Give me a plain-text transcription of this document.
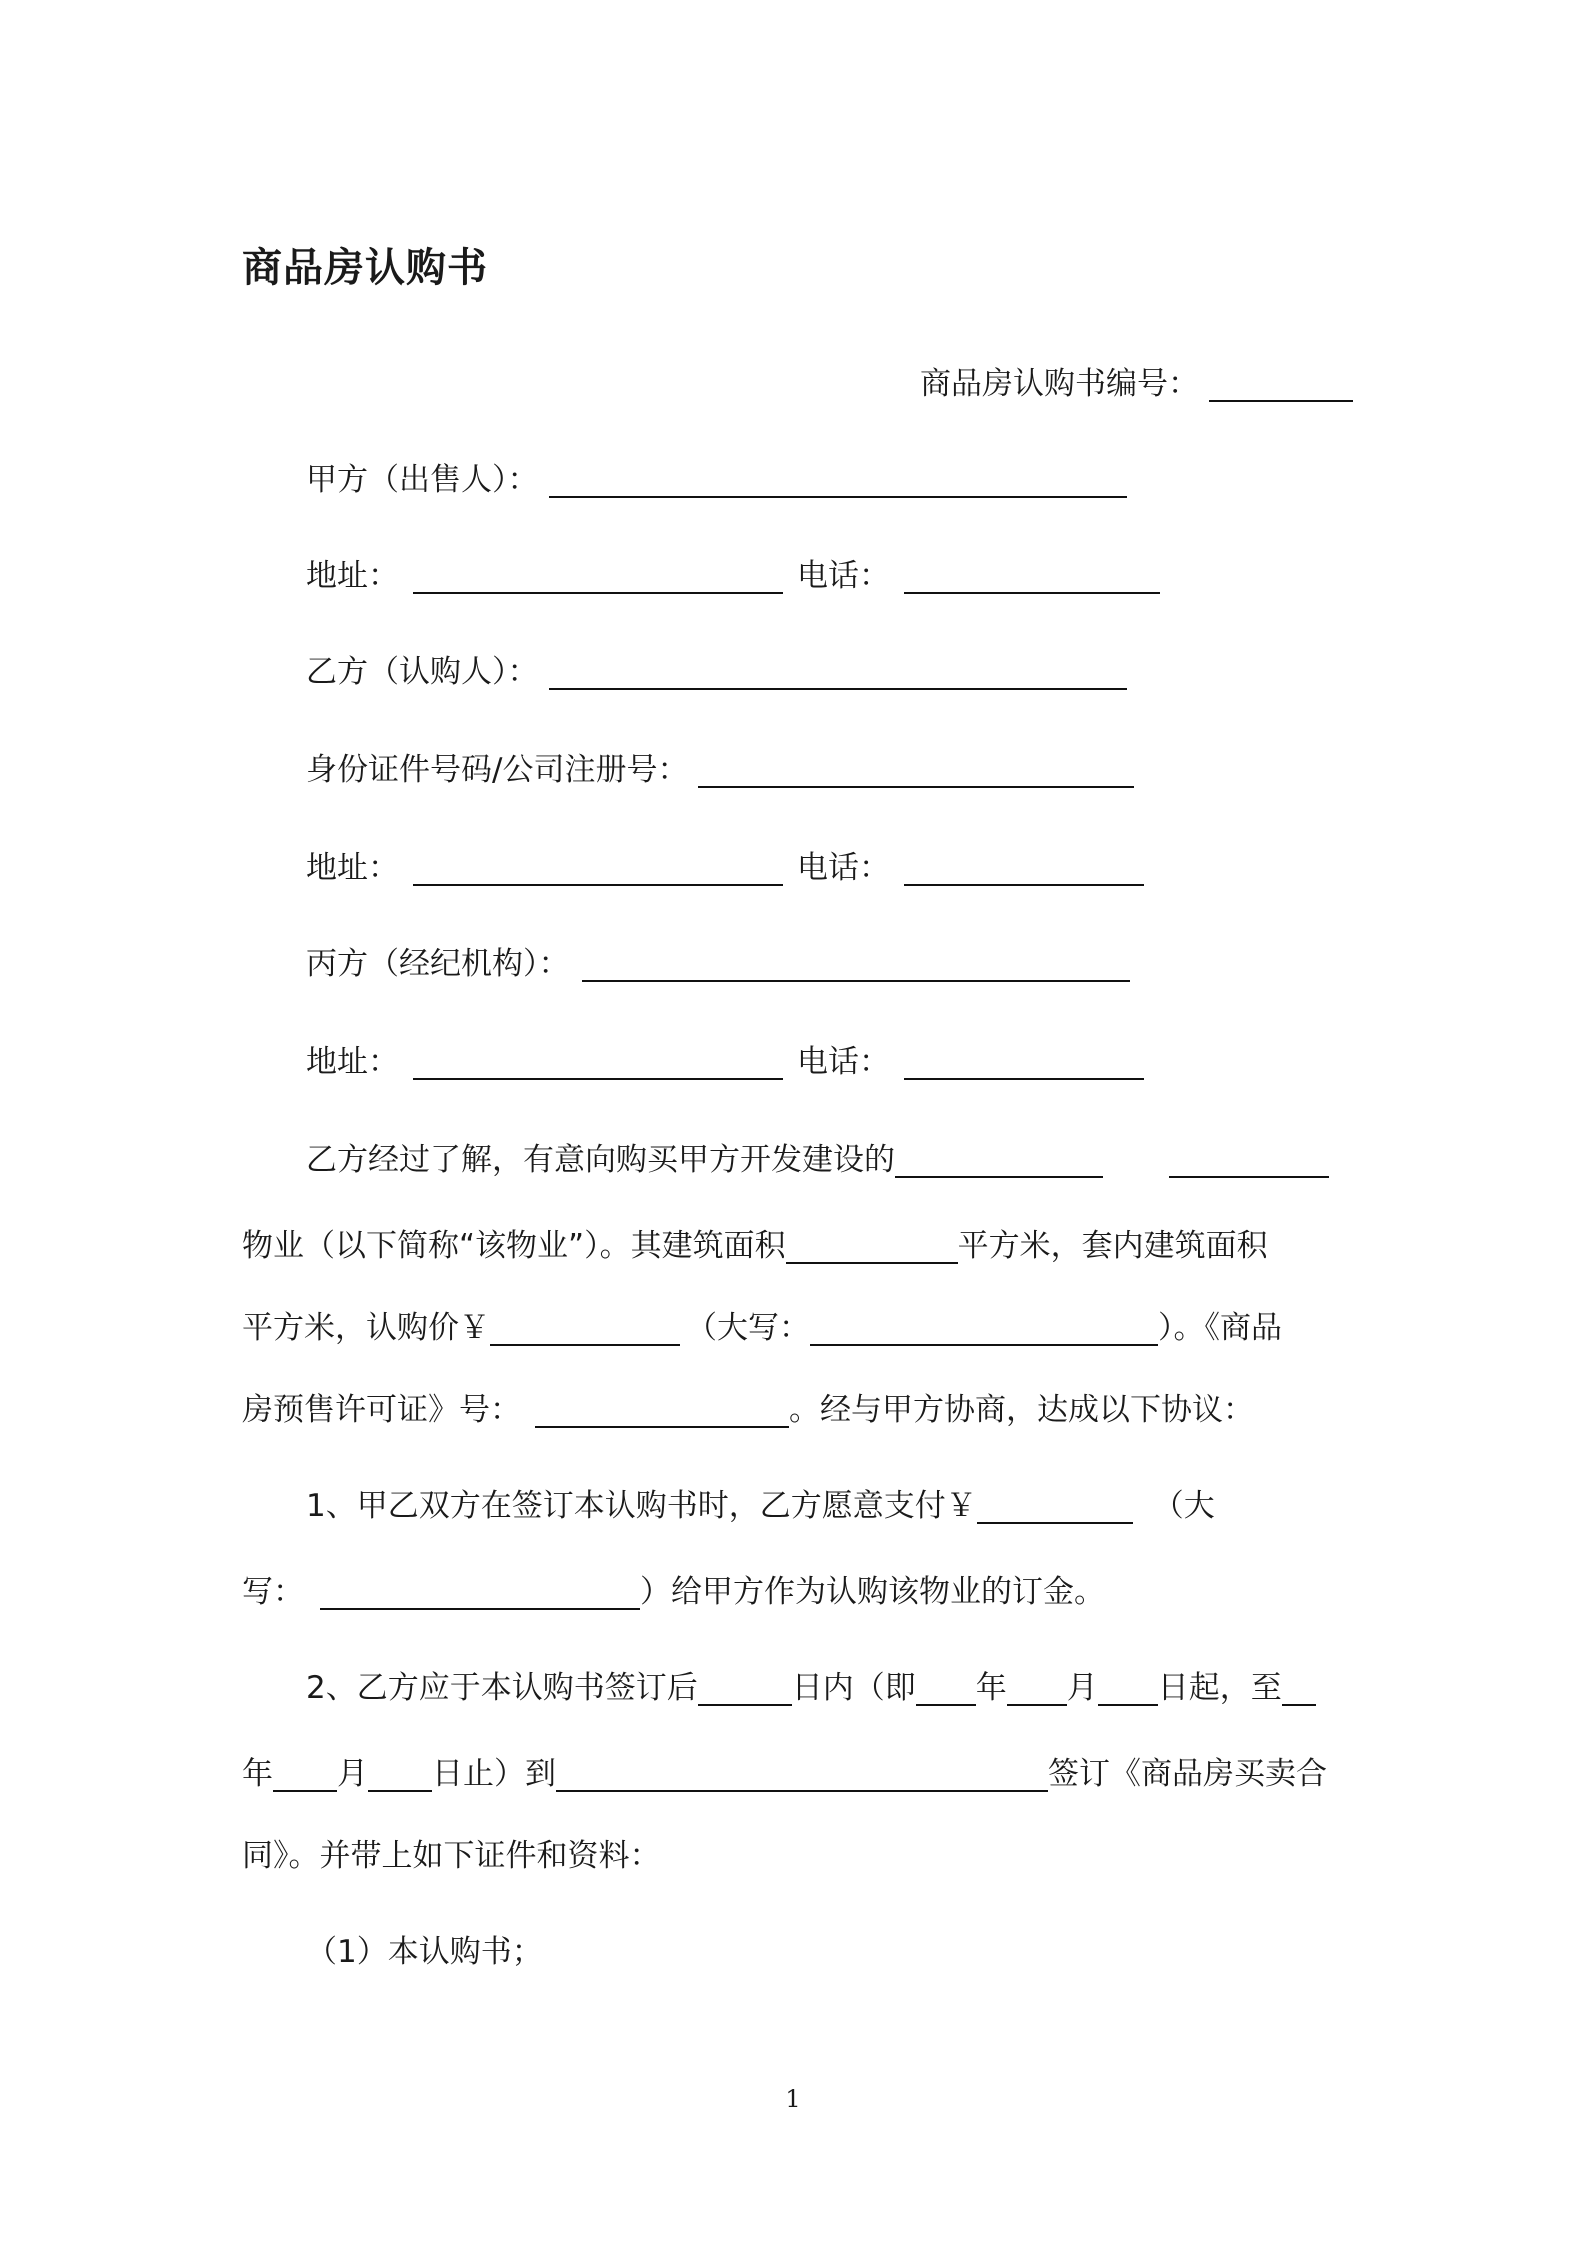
商品房认购书
商品房认购书编号：
甲方（出售人）：
地址：	电话：
乙方（认购人）：
身份证件号码/公司注册号：
地址：	电话：
丙方（经纪机构）：
地址：	电话：
乙方经过了解，有意向购买甲方开发建设的
物业（以下简称“该物业”）。其建筑面积	平方米，套内建筑面积
平方米，认购价￥	（大写：	）。《商品
房预售许可证》号：	。经与甲方协商，达成以下协议：
1、甲乙双方在签订本认购书时，乙方愿意支付￥	（大
写：	）给甲方作为认购该物业的订金。
2、乙方应于本认购书签订后	日内（即 年 月 日起，至
年 月 日止）到	签订《商品房买卖合
同》。并带上如下证件和资料：
（1）本认购书；
1
